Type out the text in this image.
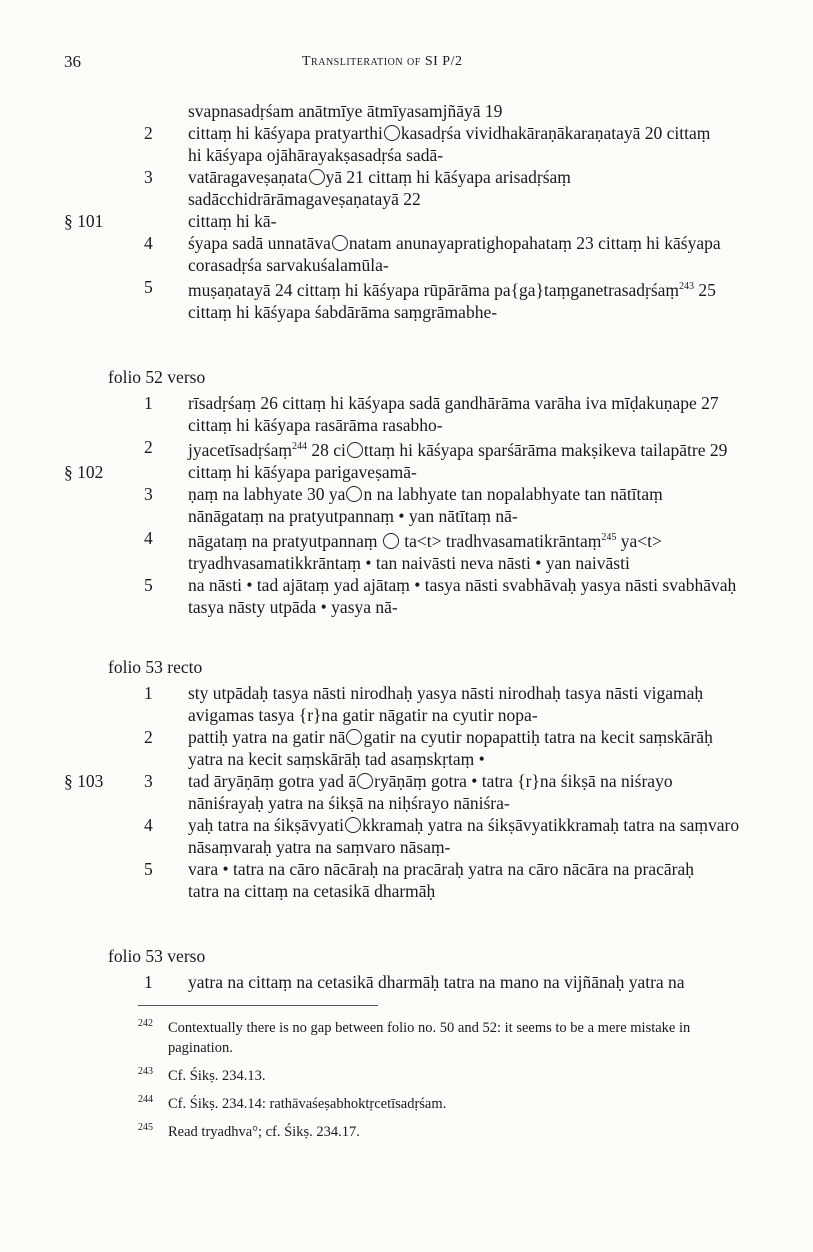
36	Transliteration of SI P/2
svapnasadṛśam anātmīye ātmīyasamjñāyā 19
2 cittaṃ hi kāśyapa pratyarthi kasadṛśa vividhakāraṇākaraṇatayā 20 cittaṃ
hi kāśyapa ojāhārayakṣasadṛśa sadā-
3 vatāragaveṣaṇata yā 21 cittaṃ hi kāśyapa arisadṛśaṃ
sadācchidrārāmagaveṣaṇatayā 22
§ 101	cittaṃ hi kā-
4 śyapa sadā unnatāva natam anunayapratighopahataṃ 23 cittaṃ hi kāśyapa
corasadṛśa sarvakuśalamūla-
5 muṣaṇatayā 24 cittaṃ hi kāśyapa rūpārāma pa{ga}taṃganetrasadṛśaṃ$^{243}$ 25
cittaṃ hi kāśyapa śabdārāma saṃgrāmabhe-
folio 52 verso
1 rīsadṛśaṃ 26 cittaṃ hi kāśyapa sadā gandhārāma varāha iva mīḍakuṇape 27
cittaṃ hi kāśyapa rasārāma rasabho-
2 jyacetīsadṛśaṃ$^{244}$ 28 ci ttaṃ hi kāśyapa sparśārāma makṣikeva tailapātre 29
§ 102	cittaṃ hi kāśyapa parigaveṣamā-
3 ṇaṃ na labhyate 30 ya n na labhyate tan nopalabhyate tan nātītaṃ
nānāgataṃ na pratyutpannaṃ • yan nātītaṃ nā-
4 nāgataṃ na pratyutpannaṃ  ta<t> tradhvasamatikrāntaṃ$^{245}$ ya<t>
tryadhvasamatikkrāntaṃ • tan naivāsti neva nāsti • yan naivāsti
5 na nāsti • tad ajātaṃ yad ajātaṃ • tasya nāsti svabhāvaḥ yasya nāsti svabhāvaḥ
tasya nāsty utpāda • yasya nā-
folio 53 recto
1 sty utpādaḥ tasya nāsti nirodhaḥ yasya nāsti nirodhaḥ tasya nāsti vigamaḥ
avigamas tasya {r}na gatir nāgatir na cyutir nopa-
2 pattiḥ yatra na gatir nā gatir na cyutir nopapattiḥ tatra na kecit saṃskārāḥ
yatra na kecit saṃskārāḥ tad asaṃskṛtaṃ •
§ 103 3 tad āryāṇāṃ gotra yad ā ryāṇāṃ gotra • tatra {r}na śikṣā na niśrayo
nāniśrayaḥ yatra na śikṣā na niḥśrayo nāniśra-
4 yaḥ tatra na śikṣāvyati kkramaḥ yatra na śikṣāvyatikkramaḥ tatra na saṃvaro
nāsaṃvaraḥ yatra na saṃvaro nāsaṃ-
5 vara • tatra na cāro nācāraḥ na pracāraḥ yatra na cāro nācāra na pracāraḥ
tatra na cittaṃ na cetasikā dharmāḥ
folio 53 verso
1 yatra na cittaṃ na cetasikā dharmāḥ tatra na mano na vijñānaḥ yatra na
242 Contextually there is no gap between folio no. 50 and 52: it seems to be a mere mistake in pagination.
243 Cf. Śikṣ. 234.13.
244 Cf. Śikṣ. 234.14: rathāvaśeṣabhoktṛcetīsadṛśam.
245 Read tryadhva°; cf. Śikṣ. 234.17.
